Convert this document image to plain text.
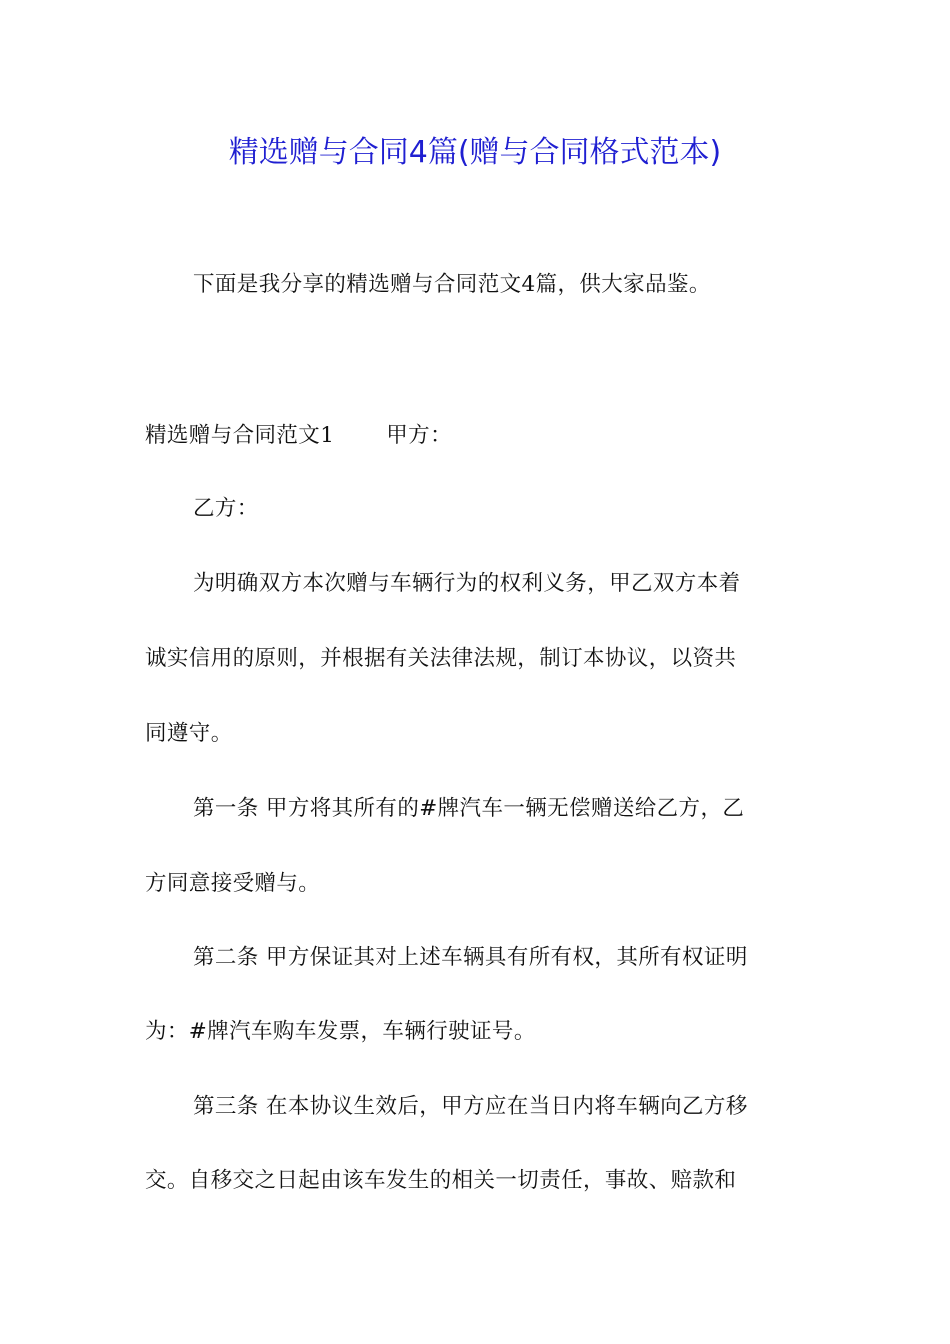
精选赠与合同4篇(赠与合同格式范本)
下面是我分享的精选赠与合同范文4篇，供大家品鉴。
精选赠与合同范文1 甲方：
乙方：
为明确双方本次赠与车辆行为的权利义务，甲乙双方本着
诚实信用的原则，并根据有关法律法规，制订本协议，以资共
同遵守。
第一条 甲方将其所有的#牌汽车一辆无偿赠送给乙方，乙
方同意接受赠与。
第二条 甲方保证其对上述车辆具有所有权，其所有权证明
为：#牌汽车购车发票，车辆行驶证号。
第三条 在本协议生效后，甲方应在当日内将车辆向乙方移
交。自移交之日起由该车发生的相关一切责任，事故、赔款和
